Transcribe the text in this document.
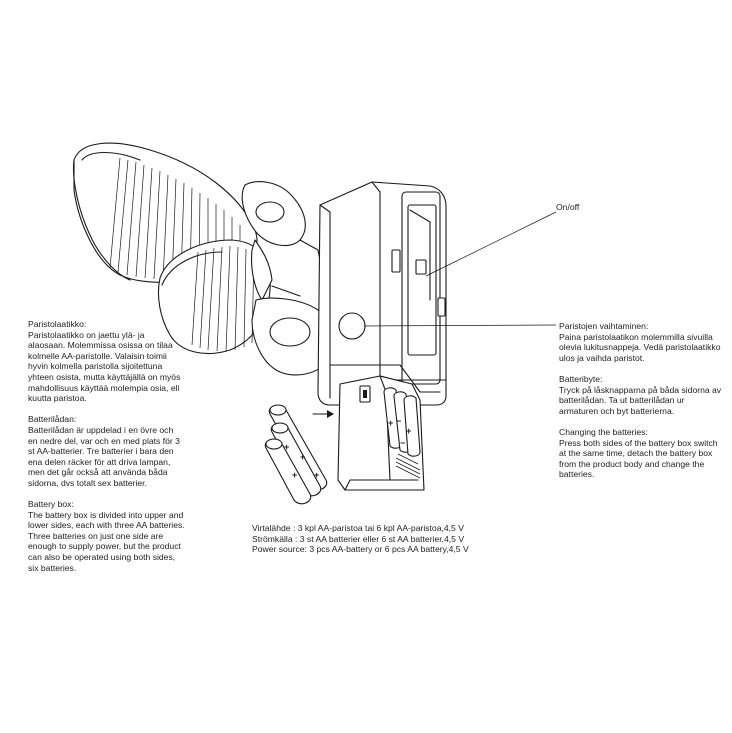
+
+
+
+
−
+
+
−
On/off
Paristolaatikko:
Paristolaatikko on jaettu ylä- ja
alaosaan. Molemmissa osissa on tilaa
kolmelle AA-paristolle. Valaisin toimii
hyvin kolmella paristolla sijoitettuna
yhteen osista, mutta käyttäjällä on myös
mahdollisuus käyttää molempia osia, eli
kuutta paristoa.
Batterilådan:
Batterilådan är uppdelad i en övre och
en nedre del, var och en med plats för 3
st AA-batterier. Tre batterier i bara den
ena delen räcker för att driva lampan,
men det går också att använda båda
sidorna, dvs totalt sex batterier.
Battery box:
The battery box is divided into upper and
lower sides, each with three AA batteries.
Three batteries on just one side are
enough to supply power, but the product
can also be operated using both sides,
six batteries.
Paristojen vaihtaminen:
Paina paristolaatikon molemmilla sivuilla
olevia lukitusnappeja. Vedä paristolaatikko
ulos ja vaihda paristot.
Batteribyte:
Tryck på låsknapparna på båda sidorna av
batterilådan. Ta ut batterilådan ur
armaturen och byt batterierna.
Changing the batteries:
Press both sides of the battery box switch
at the same time, detach the battery box
from the product body and change the
batteries.
Virtalähde : 3 kpl AA-paristoa tai 6 kpl AA-paristoa,4,5 V
Strömkälla : 3 st AA batterier eller 6 st AA batterier,4,5 V
Power source: 3 pcs AA-battery or 6 pcs AA battery,4,5 V
